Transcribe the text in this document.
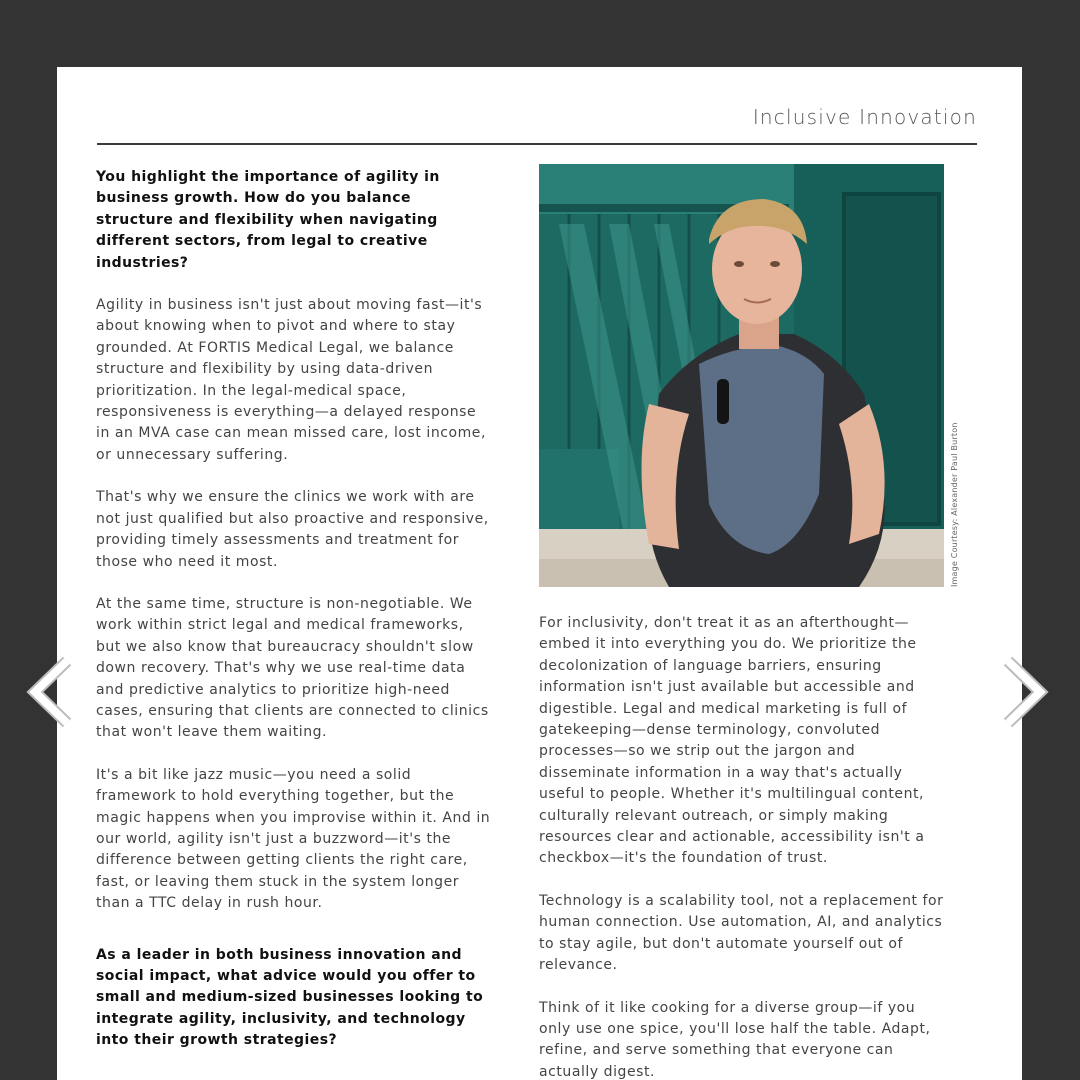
Inclusive Innovation

You highlight the importance of agility in business growth. How do you balance structure and flexibility when navigating different sectors, from legal to creative industries?

Agility in business isn't just about moving fast—it's about knowing when to pivot and where to stay grounded. At FORTIS Medical Legal, we balance structure and flexibility by using data-driven prioritization. In the legal-medical space, responsiveness is everything—a delayed response in an MVA case can mean missed care, lost income, or unnecessary suffering.

That's why we ensure the clinics we work with are not just qualified but also proactive and responsive, providing timely assessments and treatment for those who need it most.

At the same time, structure is non-negotiable. We work within strict legal and medical frameworks, but we also know that bureaucracy shouldn't slow down recovery. That's why we use real-time data and predictive analytics to prioritize high-need cases, ensuring that clients are connected to clinics that won't leave them waiting.

It's a bit like jazz music—you need a solid framework to hold everything together, but the magic happens when you improvise within it. And in our world, agility isn't just a buzzword—it's the difference between getting clients the right care, fast, or leaving them stuck in the system longer than a TTC delay in rush hour.

As a leader in both business innovation and social impact, what advice would you offer to small and medium-sized businesses looking to integrate agility, inclusivity, and technology into their growth strategies?

Image Courtesy: Alexander Paul Burton

For inclusivity, don't treat it as an afterthought—embed it into everything you do. We prioritize the decolonization of language barriers, ensuring information isn't just available but accessible and digestible. Legal and medical marketing is full of gatekeeping—dense terminology, convoluted processes—so we strip out the jargon and disseminate information in a way that's actually useful to people. Whether it's multilingual content, culturally relevant outreach, or simply making resources clear and actionable, accessibility isn't a checkbox—it's the foundation of trust.

Technology is a scalability tool, not a replacement for human connection. Use automation, AI, and analytics to stay agile, but don't automate yourself out of relevance.

Think of it like cooking for a diverse group—if you only use one spice, you'll lose half the table. Adapt, refine, and serve something that everyone can actually digest.
